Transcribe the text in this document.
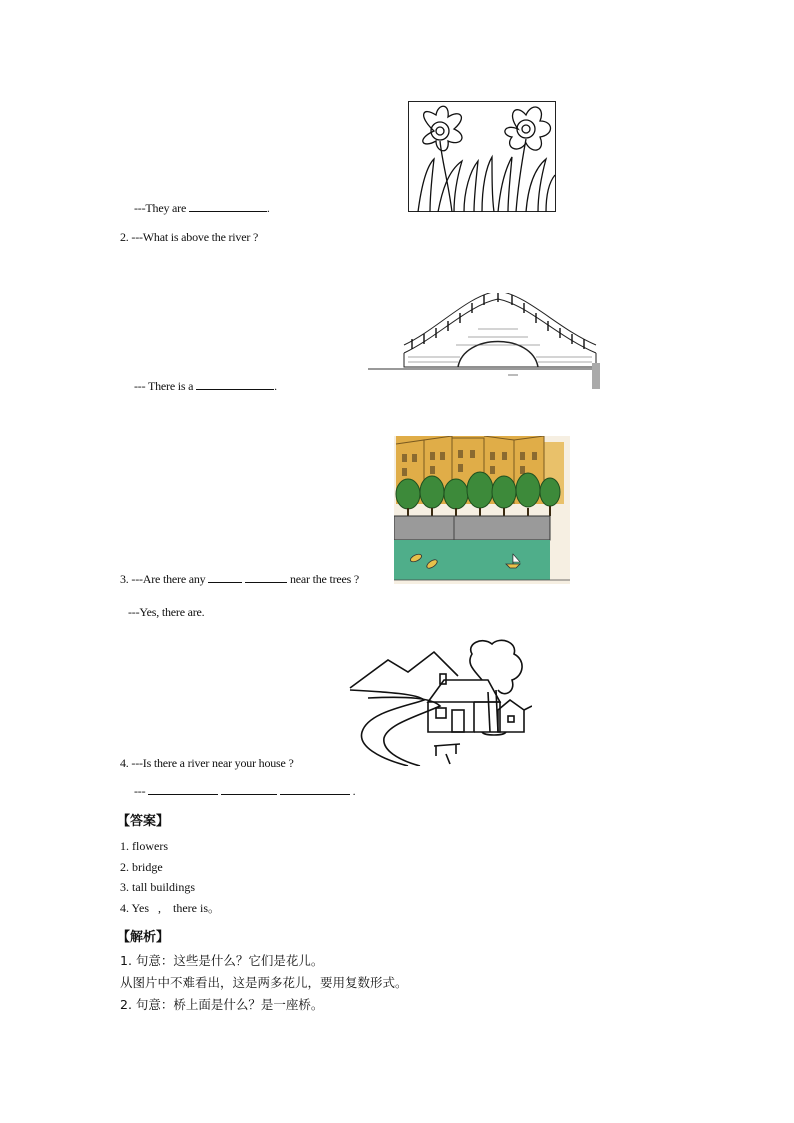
---They are	.
2. ---What is above the river ?
--- There is a	.
3. ---Are there any	near the trees ?
---Yes, there are.
4. ---Is there a river near your house ?
---	.
【答案】
1. flowers
2. bridge
3. tall buildings
4. Yes   ,    there is。
【解析】
1. 句意：这些是什么？它们是花儿。
从图片中不难看出，这是两多花儿，要用复数形式。
2. 句意：桥上面是什么？是一座桥。
